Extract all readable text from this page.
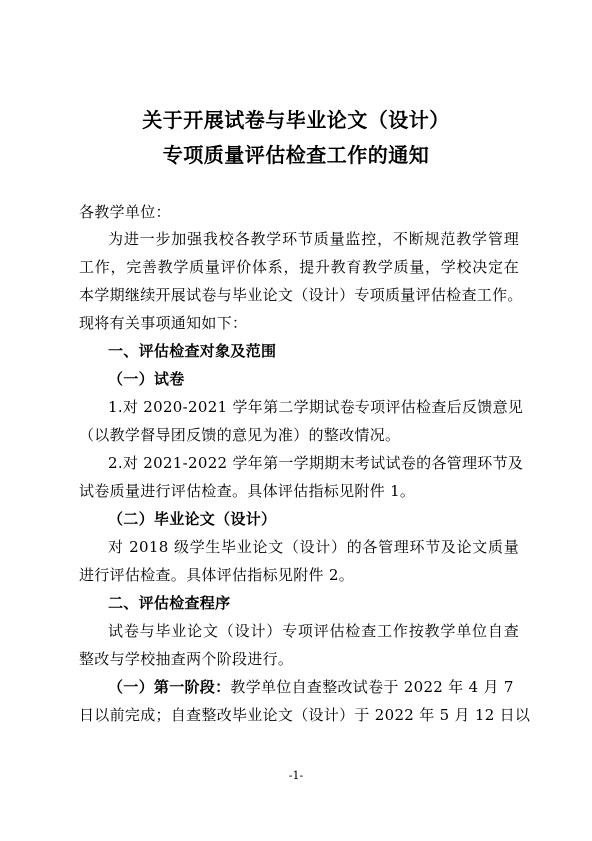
关于开展试卷与毕业论文（设计）
专项质量评估检查工作的通知
各教学单位：
为进一步加强我校各教学环节质量监控，不断规范教学管理
工作，完善教学质量评价体系，提升教育教学质量，学校决定在
本学期继续开展试卷与毕业论文（设计）专项质量评估检查工作。
现将有关事项通知如下：
一、评估检查对象及范围
（一）试卷
1.对 2020-2021 学年第二学期试卷专项评估检查后反馈意见
（以教学督导团反馈的意见为准）的整改情况。
2.对 2021-2022 学年第一学期期末考试试卷的各管理环节及
试卷质量进行评估检查。具体评估指标见附件 1。
（二）毕业论文（设计）
对 2018 级学生毕业论文（设计）的各管理环节及论文质量
进行评估检查。具体评估指标见附件 2。
二、评估检查程序
试卷与毕业论文（设计）专项评估检查工作按教学单位自查
整改与学校抽查两个阶段进行。
（一）第一阶段：教学单位自查整改试卷于 2022 年 4 月 7
日以前完成；自查整改毕业论文（设计）于 2022 年 5 月 12 日以
-1-
